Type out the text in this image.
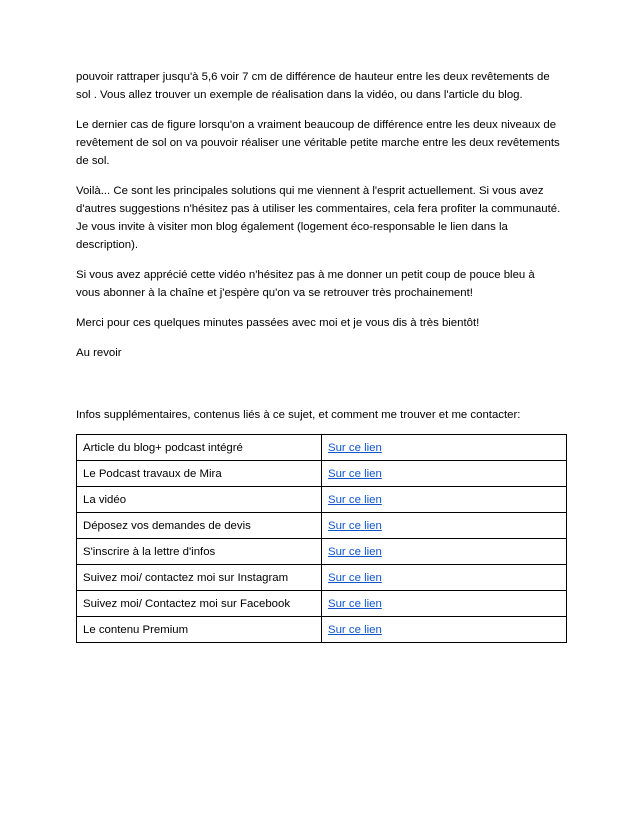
pouvoir rattraper jusqu'à 5,6 voir 7 cm de différence de hauteur entre les deux revêtements de
sol . Vous allez trouver un exemple de réalisation dans la vidéo, ou dans l'article du blog.

Le dernier cas de figure lorsqu'on a vraiment beaucoup de différence entre les deux niveaux de
revêtement de sol on va pouvoir réaliser une véritable petite marche entre les deux revêtements
de sol.

Voilà... Ce sont les principales solutions qui me viennent à l'esprit actuellement. Si vous avez
d'autres suggestions n'hésitez pas à utiliser les commentaires, cela fera profiter la communauté.
Je vous invite à visiter mon blog également (logement éco-responsable le lien dans la
description).

Si vous avez apprécié cette vidéo n'hésitez pas à me donner un petit coup de pouce bleu à
vous abonner à la chaîne et j'espère qu'on va se retrouver très prochainement!

Merci pour ces quelques minutes passées avec moi et je vous dis à très bientôt!

Au revoir

Infos supplémentaires, contenus liés à ce sujet, et comment me trouver et me contacter:

Article du blog+ podcast intégré	Sur ce lien
Le Podcast travaux de Mira	Sur ce lien
La vidéo	Sur ce lien
Déposez vos demandes de devis	Sur ce lien
S'inscrire à la lettre d'infos	Sur ce lien
Suivez moi/ contactez moi sur Instagram	Sur ce lien
Suivez moi/ Contactez moi sur Facebook	Sur ce lien
Le contenu Premium	Sur ce lien
